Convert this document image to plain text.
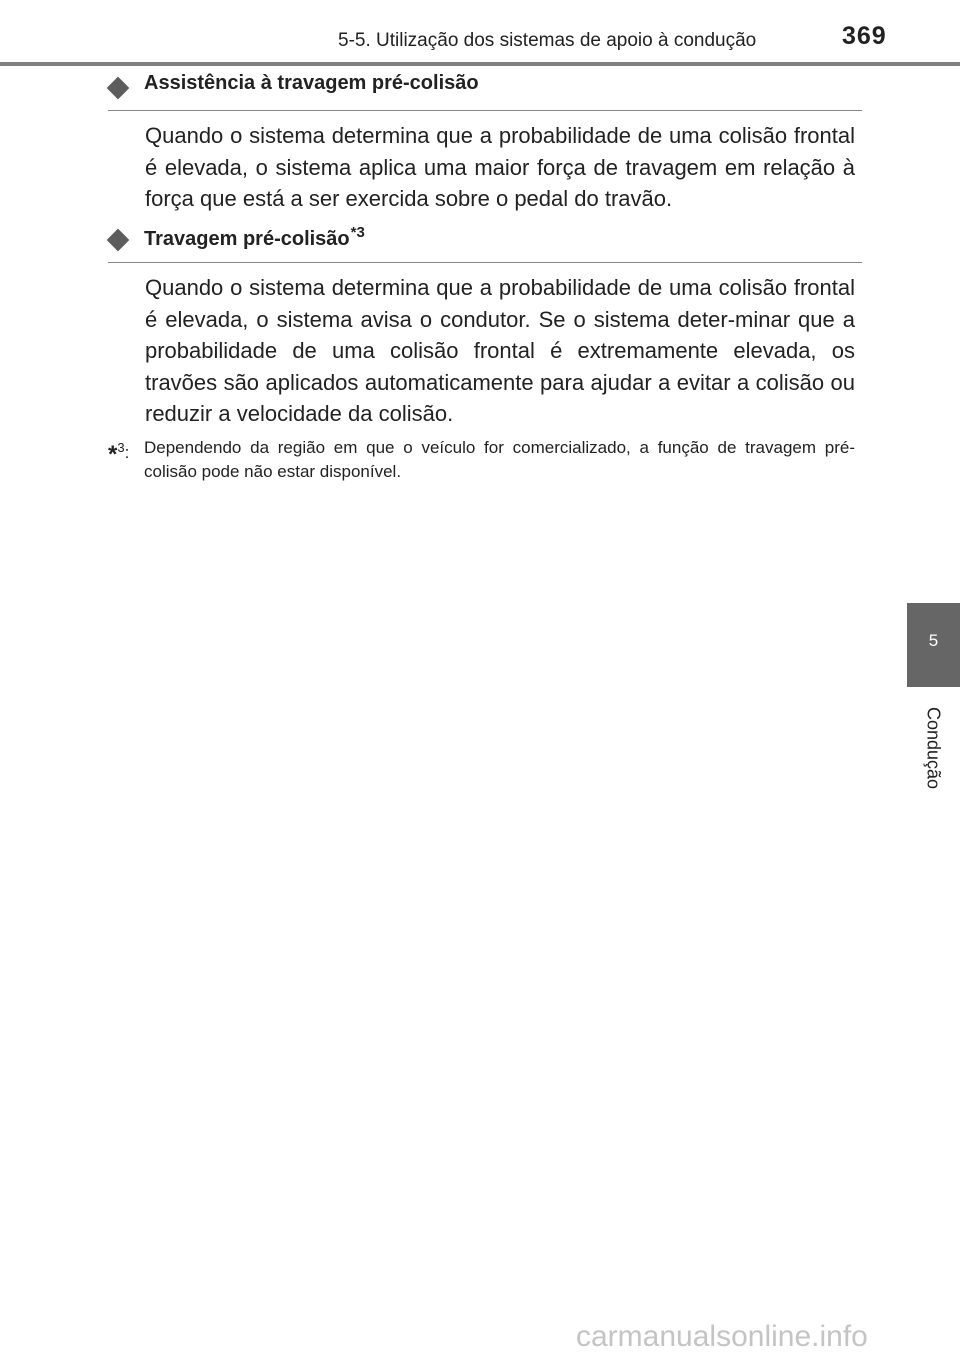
5-5. Utilização dos sistemas de apoio à condução	369
Assistência à travagem pré-colisão

Quando o sistema determina que a probabilidade de uma colisão frontal é elevada, o sistema aplica uma maior força de travagem em relação à força que está a ser exercida sobre o pedal do travão.

Travagem pré-colisão$^{*3}$

Quando o sistema determina que a probabilidade de uma colisão frontal é elevada, o sistema avisa o condutor. Se o sistema deter-minar que a probabilidade de uma colisão frontal é extremamente elevada, os travões são aplicados automaticamente para ajudar a evitar a colisão ou reduzir a velocidade da colisão.

*$^3$: Dependendo da região em que o veículo for comercializado, a função de travagem pré-colisão pode não estar disponível.
5
Condução
carmanualsonline.info
